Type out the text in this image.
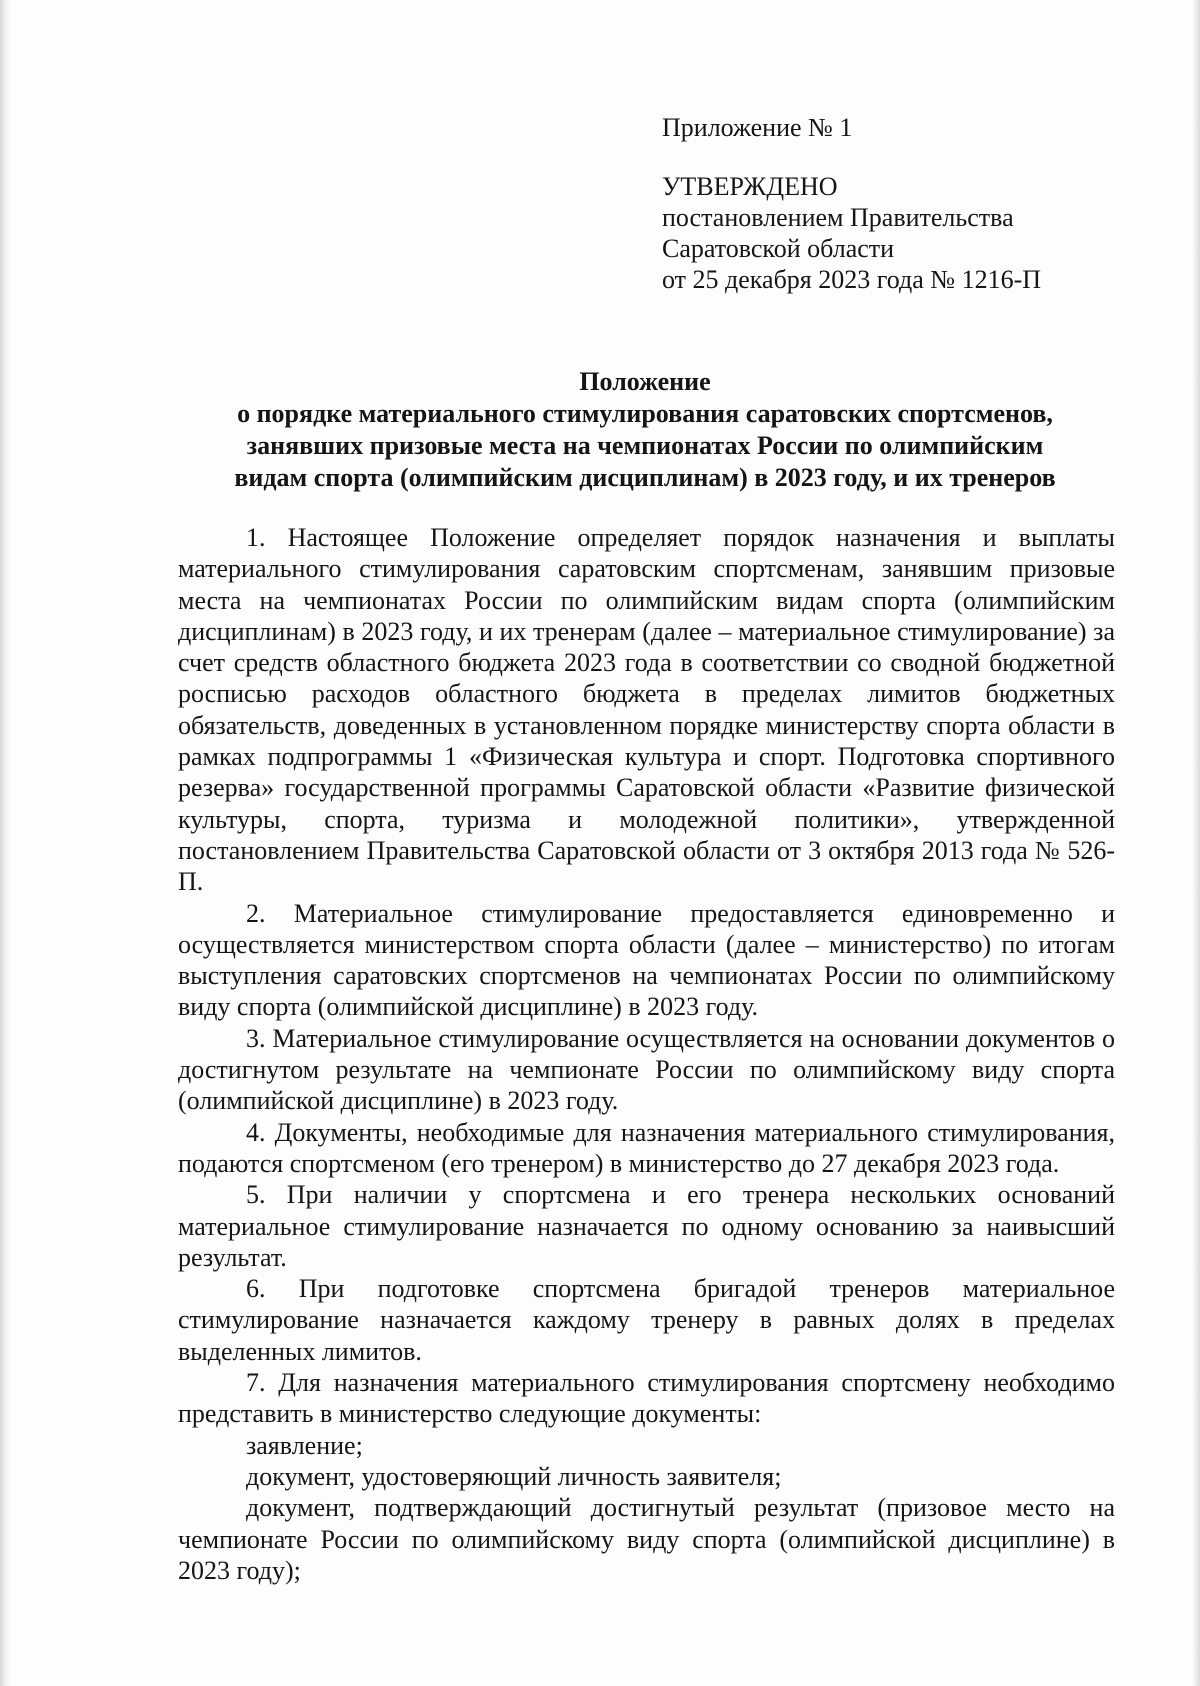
Приложение № 1
УТВЕРЖДЕНО
постановлением Правительства
Саратовской области
от 25 декабря 2023 года № 1216-П
Положение
о порядке материального стимулирования саратовских спортсменов,
занявших призовые места на чемпионатах России по олимпийским
видам спорта (олимпийским дисциплинам) в 2023 году, и их тренеров

1. Настоящее Положение определяет порядок назначения и выплаты материального стимулирования саратовским спортсменам, занявшим призовые места на чемпионатах России по олимпийским видам спорта (олимпийским дисциплинам) в 2023 году, и их тренерам (далее – материальное стимулирование) за счет средств областного бюджета 2023 года в соответствии со сводной бюджетной росписью расходов областного бюджета в пределах лимитов бюджетных обязательств, доведенных в установленном порядке министерству спорта области в рамках подпрограммы 1 «Физическая культура и спорт. Подготовка спортивного резерва» государственной программы Саратовской области «Развитие физической культуры, спорта, туризма и молодежной политики», утвержденной постановлением Правительства Саратовской области от 3 октября 2013 года № 526-П.

2. Материальное стимулирование предоставляется единовременно и осуществляется министерством спорта области (далее – министерство) по итогам выступления саратовских спортсменов на чемпионатах России по олимпийскому виду спорта (олимпийской дисциплине) в 2023 году.

3. Материальное стимулирование осуществляется на основании документов о достигнутом результате на чемпионате России по олимпийскому виду спорта (олимпийской дисциплине) в 2023 году.

4. Документы, необходимые для назначения материального стимулирования, подаются спортсменом (его тренером) в министерство до 27 декабря 2023 года.

5. При наличии у спортсмена и его тренера нескольких оснований материальное стимулирование назначается по одному основанию за наивысший результат.

6. При подготовке спортсмена бригадой тренеров материальное стимулирование назначается каждому тренеру в равных долях в пределах выделенных лимитов.

7. Для назначения материального стимулирования спортсмену необходимо представить в министерство следующие документы:

заявление;

документ, удостоверяющий личность заявителя;

документ, подтверждающий достигнутый результат (призовое место на чемпионате России по олимпийскому виду спорта (олимпийской дисциплине) в 2023 году);
